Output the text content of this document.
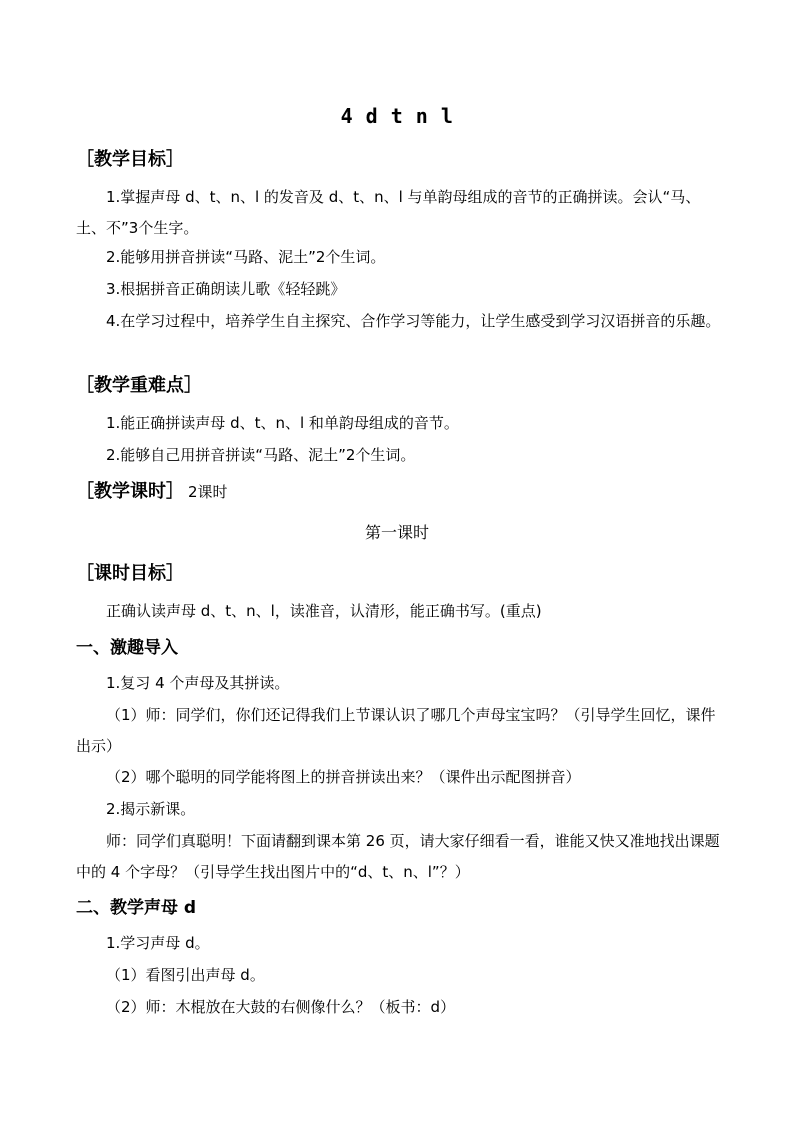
4 d t n l
［教学目标］
1.掌握声母 d、t、n、l 的发音及 d、t、n、l 与单韵母组成的音节的正确拼读。会认“马、土、不”3个生字。
2.能够用拼音拼读“马路、泥土”2个生词。
3.根据拼音正确朗读儿歌《轻轻跳》
4.在学习过程中，培养学生自主探究、合作学习等能力，让学生感受到学习汉语拼音的乐趣。
［教学重难点］
1.能正确拼读声母 d、t、n、l 和单韵母组成的音节。
2.能够自己用拼音拼读“马路、泥土”2个生词。
［教学课时］ 2课时
第一课时
［课时目标］
正确认读声母 d、t、n、l，读准音，认清形，能正确书写。(重点)
一、激趣导入
1.复习 4 个声母及其拼读。
（1）师：同学们，你们还记得我们上节课认识了哪几个声母宝宝吗？（引导学生回忆，课件出示）
（2）哪个聪明的同学能将图上的拼音拼读出来？（课件出示配图拼音）
2.揭示新课。
师：同学们真聪明！下面请翻到课本第 26 页，请大家仔细看一看，谁能又快又准地找出课题中的 4 个字母？（引导学生找出图片中的“d、t、n、l”？）
二、教学声母 d
1.学习声母 d。
（1）看图引出声母 d。
（2）师：木棍放在大鼓的右侧像什么？（板书：d）
